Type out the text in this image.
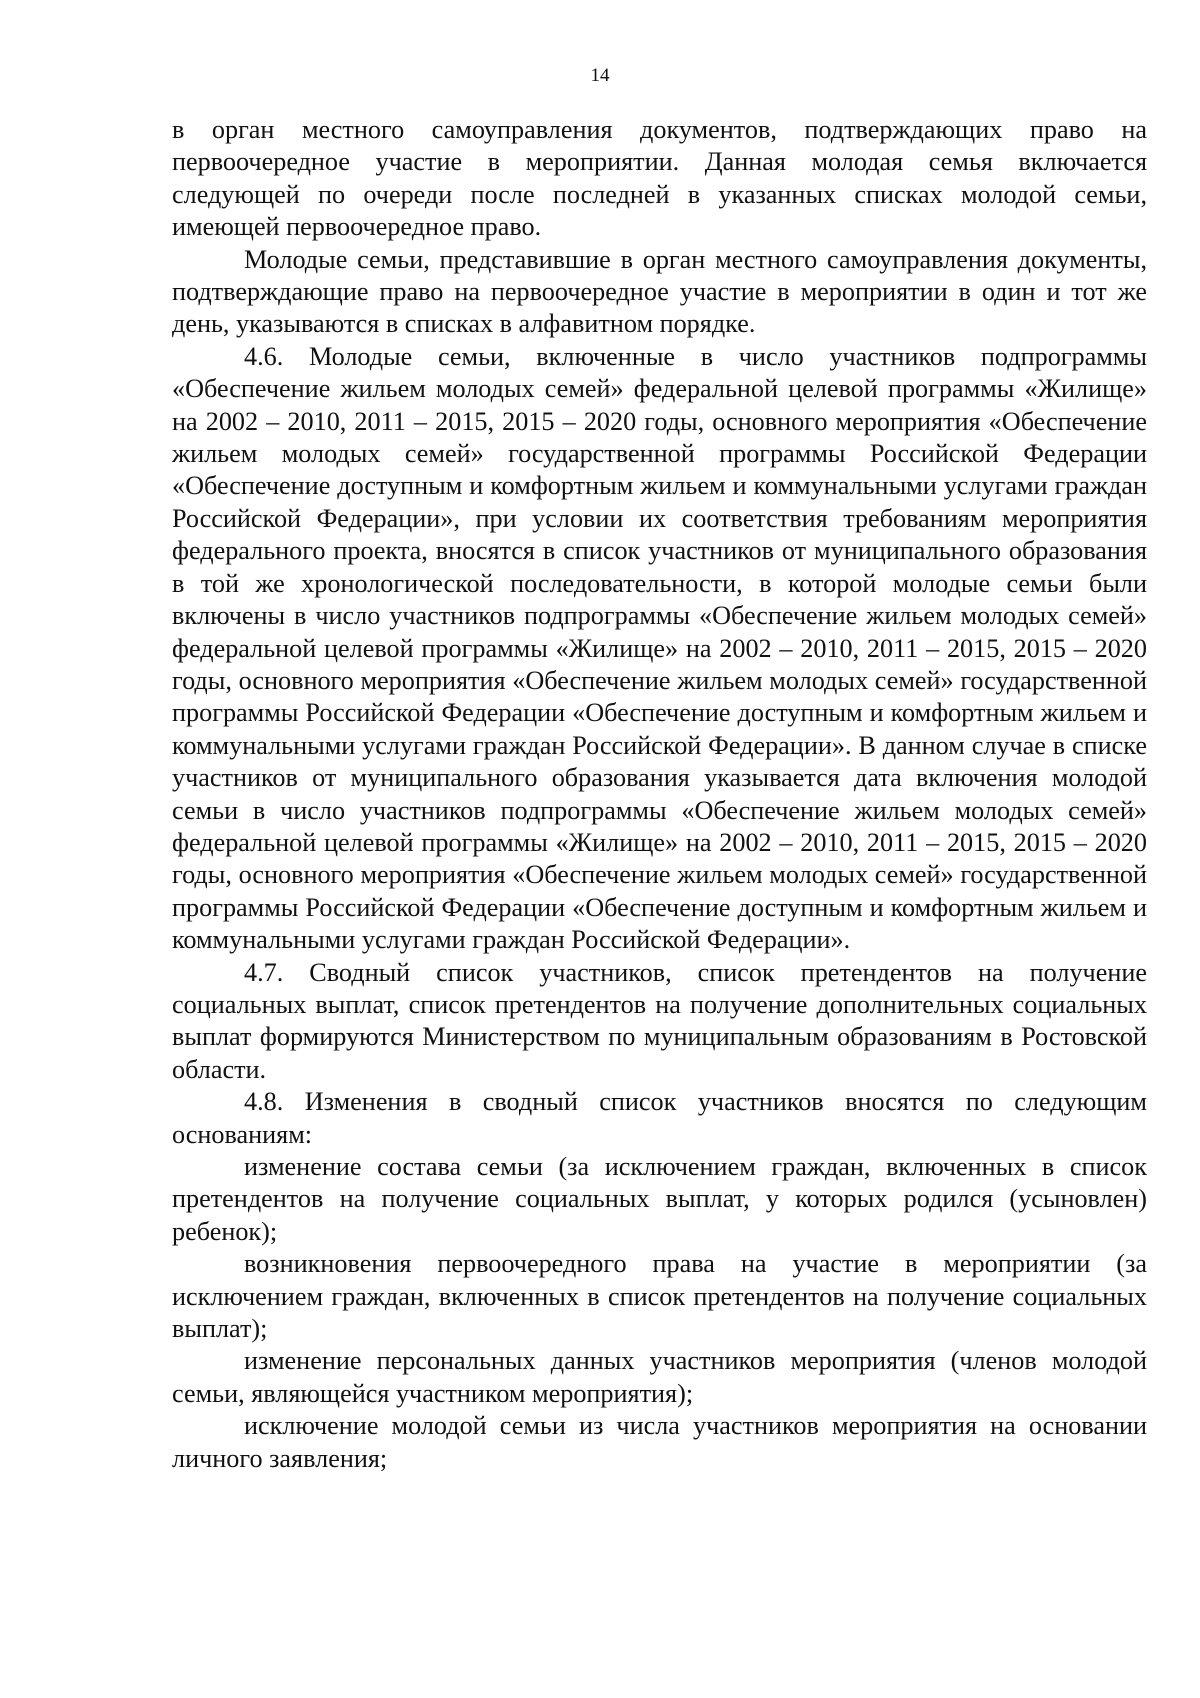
14

в орган местного самоуправления документов, подтверждающих право на первоочередное участие в мероприятии. Данная молодая семья включается следующей по очереди после последней в указанных списках молодой семьи, имеющей первоочередное право.

Молодые семьи, представившие в орган местного самоуправления документы, подтверждающие право на первоочередное участие в мероприятии в один и тот же день, указываются в списках в алфавитном порядке.

4.6. Молодые семьи, включенные в число участников подпрограммы «Обеспечение жильем молодых семей» федеральной целевой программы «Жилище» на 2002 – 2010, 2011 – 2015, 2015 – 2020 годы, основного мероприятия «Обеспечение жильем молодых семей» государственной программы Российской Федерации «Обеспечение доступным и комфортным жильем и коммунальными услугами граждан Российской Федерации», при условии их соответствия требованиям мероприятия федерального проекта, вносятся в список участников от муниципального образования в той же хронологической последовательности, в которой молодые семьи были включены в число участников подпрограммы «Обеспечение жильем молодых семей» федеральной целевой программы «Жилище» на 2002 – 2010, 2011 – 2015, 2015 – 2020 годы, основного мероприятия «Обеспечение жильем молодых семей» государственной программы Российской Федерации «Обеспечение доступным и комфортным жильем и коммунальными услугами граждан Российской Федерации». В данном случае в списке участников от муниципального образования указывается дата включения молодой семьи в число участников подпрограммы «Обеспечение жильем молодых семей» федеральной целевой программы «Жилище» на 2002 – 2010, 2011 – 2015, 2015 – 2020 годы, основного мероприятия «Обеспечение жильем молодых семей» государственной программы Российской Федерации «Обеспечение доступным и комфортным жильем и коммунальными услугами граждан Российской Федерации».

4.7. Сводный список участников, список претендентов на получение социальных выплат, список претендентов на получение дополнительных социальных выплат формируются Министерством по муниципальным образованиям в Ростовской области.

4.8. Изменения в сводный список участников вносятся по следующим основаниям:

изменение состава семьи (за исключением граждан, включенных в список претендентов на получение социальных выплат, у которых родился (усыновлен) ребенок);

возникновения первоочередного права на участие в мероприятии (за исключением граждан, включенных в список претендентов на получение социальных выплат);

изменение персональных данных участников мероприятия (членов молодой семьи, являющейся участником мероприятия);

исключение молодой семьи из числа участников мероприятия на основании личного заявления;
